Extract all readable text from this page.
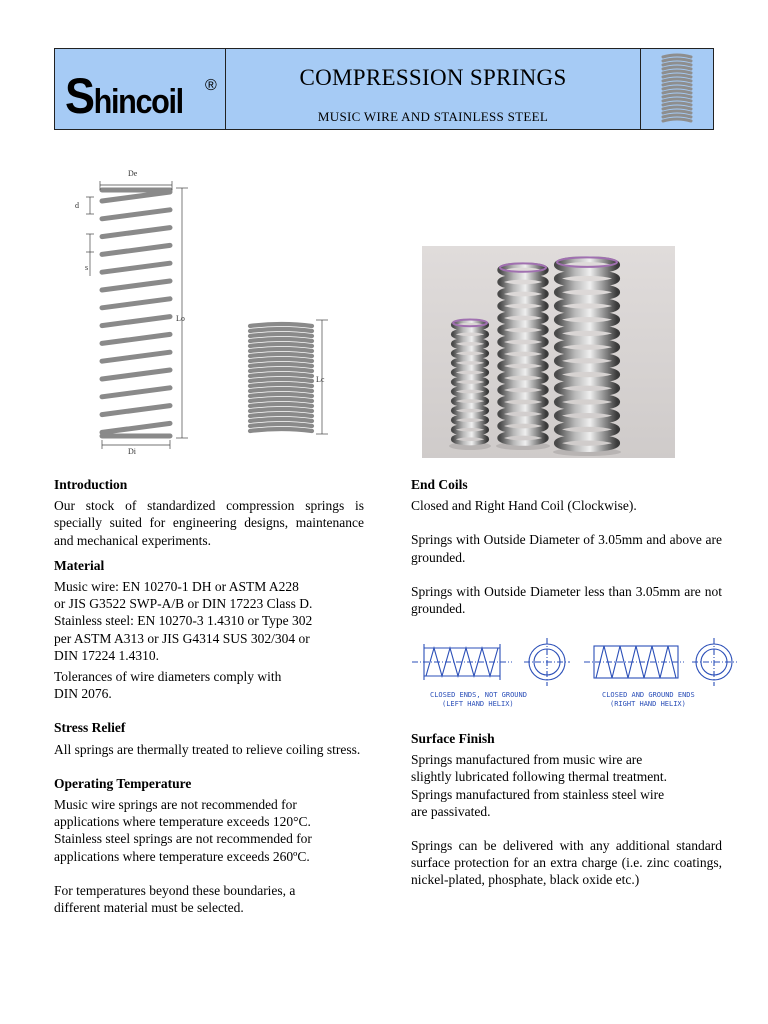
Shincoil ®	COMPRESSION SPRINGS
MUSIC WIRE AND STAINLESS STEEL
De
d
s
Lo
Di
Lc
CLOSED ENDS, NOT GROUND
(LEFT HAND HELIX)
CLOSED AND GROUND ENDS
(RIGHT HAND HELIX)

Introduction

Our stock of standardized compression springs is specially suited for engineering designs, maintenance and mechanical experiments.

Material

Music wire: EN 10270-1 DH or ASTM A228

or JIS G3522 SWP-A/B or DIN 17223 Class D.

Stainless steel: EN 10270-3 1.4310 or Type 302

per ASTM A313 or JIS G4314 SUS 302/304 or

DIN 17224 1.4310.

Tolerances of wire diameters comply with

DIN 2076.

Stress Relief

All springs are thermally treated to relieve coiling stress.

Operating Temperature

Music wire springs are not recommended for

applications where temperature exceeds 120°C.

Stainless steel springs are not recommended for

applications where temperature exceeds 260ºC.

For temperatures beyond these boundaries, a

different material must be selected.

End Coils

Closed and Right Hand Coil (Clockwise).

Springs with Outside Diameter of 3.05mm and above are grounded.

Springs with Outside Diameter less than 3.05mm are not grounded.

Surface Finish

Springs manufactured from music wire are

slightly lubricated following thermal treatment.

Springs manufactured from stainless steel wire

are passivated.

Springs can be delivered with any additional standard surface protection for an extra charge (i.e. zinc coatings, nickel-plated, phosphate, black oxide etc.)
